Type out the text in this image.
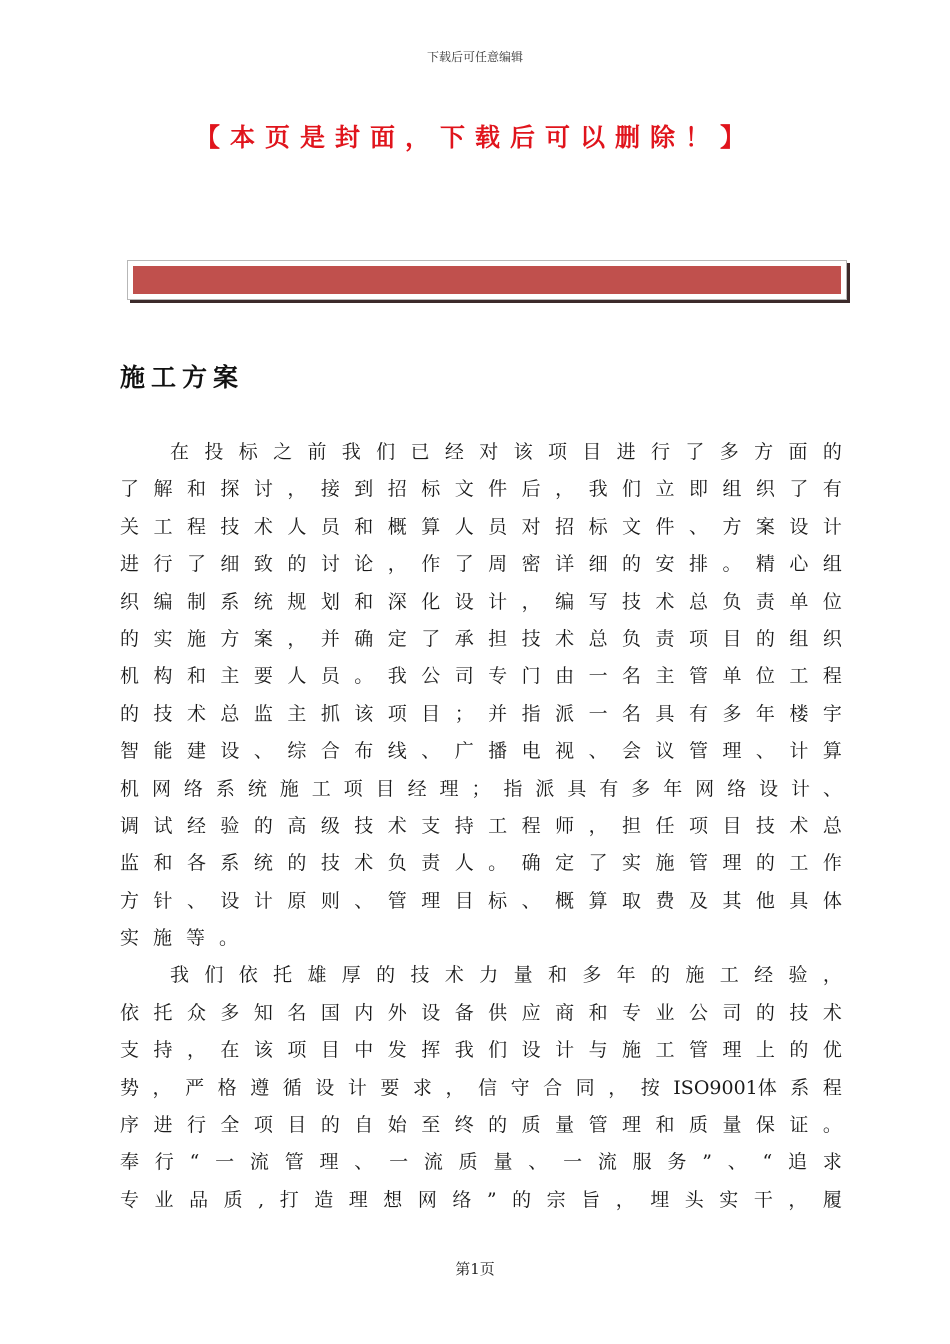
下载后可任意编辑
【本页是封面，下载后可以删除！】
施工方案
在 投 标 之 前 我 们 已 经 对 该 项 目 进 行 了 多 方 面 的
了 解 和 探 讨 ， 接 到 招 标 文 件 后 ， 我 们 立 即 组 织 了 有
关 工 程 技 术 人 员 和 概 算 人 员 对 招 标 文 件 、 方 案 设 计
进 行 了 细 致 的 讨 论 ， 作 了 周 密 详 细 的 安 排 。 精 心 组
织 编 制 系 统 规 划 和 深 化 设 计 ， 编 写 技 术 总 负 责 单 位
的 实 施 方 案 ， 并 确 定 了 承 担 技 术 总 负 责 项 目 的 组 织
机 构 和 主 要 人 员 。 我 公 司 专 门 由 一 名 主 管 单 位 工 程
的 技 术 总 监 主 抓 该 项 目 ； 并 指 派 一 名 具 有 多 年 楼 宇
智 能 建 设 、 综 合 布 线 、 广 播 电 视 、 会 议 管 理 、 计 算
机 网 络 系 统 施 工 项 目 经 理 ； 指 派 具 有 多 年 网 络 设 计 、
调 试 经 验 的 高 级 技 术 支 持 工 程 师 ， 担 任 项 目 技 术 总
监 和 各 系 统 的 技 术 负 责 人 。 确 定 了 实 施 管 理 的 工 作
方 针 、 设 计 原 则 、 管 理 目 标 、 概 算 取 费 及 其 他 具 体
实 施 等 。
我 们 依 托 雄 厚 的 技 术 力 量 和 多 年 的 施 工 经 验 ，
依 托 众 多 知 名 国 内 外 设 备 供 应 商 和 专 业 公 司 的 技 术
支 持 ， 在 该 项 目 中 发 挥 我 们 设 计 与 施 工 管 理 上 的 优
势 ， 严 格 遵 循 设 计 要 求 ， 信 守 合 同 ， 按 ISO9001体 系 程
序 进 行 全 项 目 的 自 始 至 终 的 质 量 管 理 和 质 量 保 证 。
奉 行 “ 一 流 管 理 、 一 流 质 量 、 一 流 服 务 ” 、 “ 追 求
专 业 品 质 , 打 造 理 想 网 络 ” 的 宗 旨 ， 埋 头 实 干 ， 履
第1页
